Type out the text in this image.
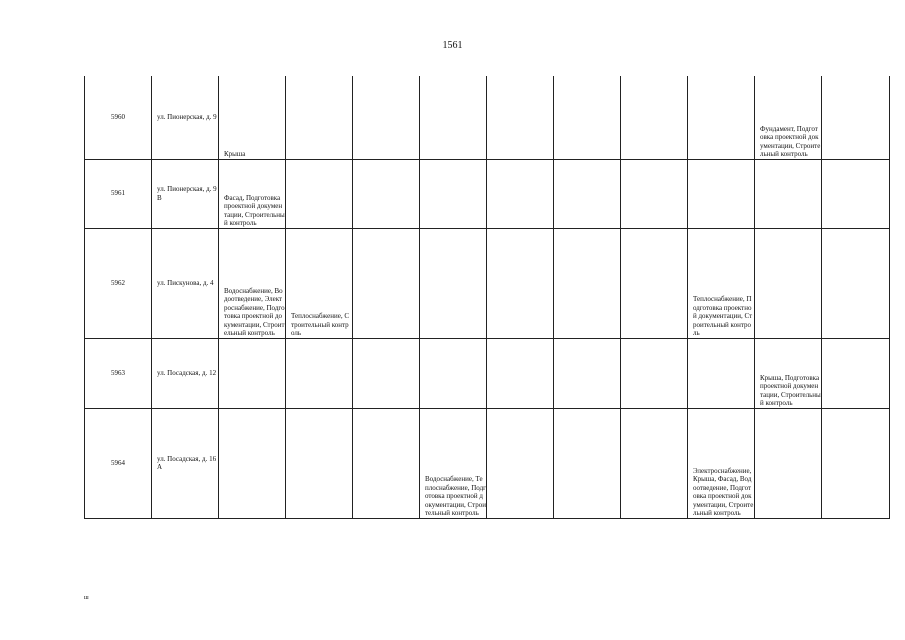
1561
5960	ул. Пионерская, д. 9	Крыша								Фундамент, Подготовка проектной документации, Строительный контроль	
5961	ул. Пионерская, д. 9В	Фасад, Подготовка проектной документации, Строительный контроль									
5962	ул. Пискунова, д. 4	Водоснабжение, Водоотведение, Электроснабжение, Подготовка проектной документации, Строительный контроль	Теплоснабжение, Строительный контроль						Теплоснабжение, Подготовка проектной документации, Строительный контроль		
5963	ул. Посадская, д. 12									Крыша, Подготовка проектной документации, Строительный контроль	
5964	ул. Посадская, д. 16А				Водоснабжение, Теплоснабжение, Подготовка проектной документации, Строительный контроль				Электроснабжение, Крыша, Фасад, Водоотведение, Подготовка проектной документации, Строительный контроль		
ш
